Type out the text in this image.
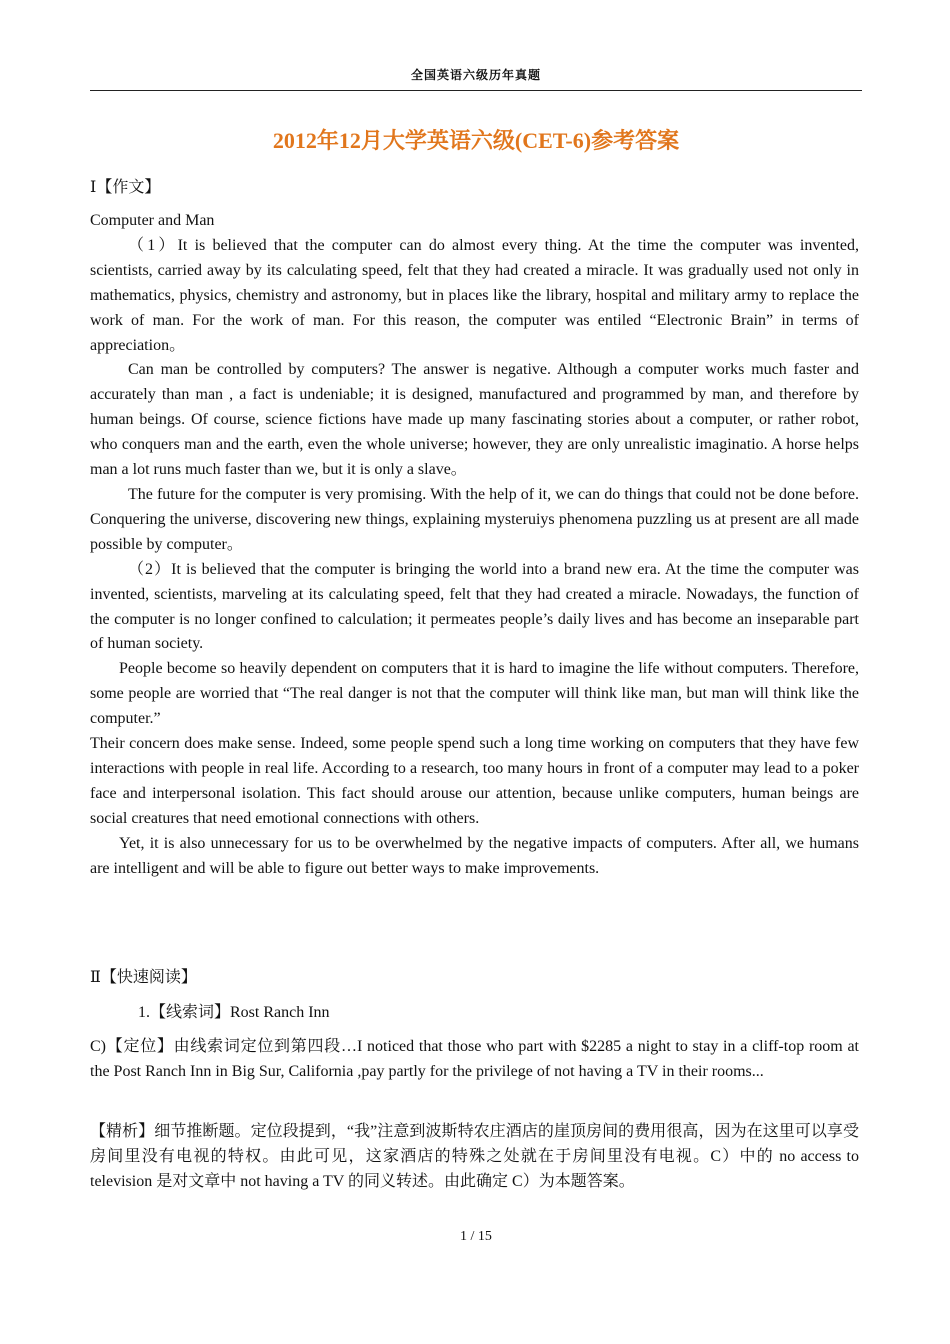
全国英语六级历年真题
2012年12月大学英语六级(CET-6)参考答案
Ⅰ【作文】

Computer and Man

（1）It is believed that the computer can do almost every thing. At the time the computer was invented, scientists, carried away by its calculating speed, felt that they had created a miracle. It was gradually used not only in mathematics, physics, chemistry and astronomy, but in places like the library, hospital and military army to replace the work of man. For the work of man. For this reason, the computer was entiled “Electronic Brain” in terms of appreciation。

Can man be controlled by computers? The answer is negative. Although a computer works much faster and accurately than man , a fact is undeniable; it is designed, manufactured and programmed by man, and therefore by human beings. Of course, science fictions have made up many fascinating stories about a computer, or rather robot, who conquers man and the earth, even the whole universe; however, they are only unrealistic imaginatio. A horse helps man a lot runs much faster than we, but it is only a slave。

The future for the computer is very promising. With the help of it, we can do things that could not be done before. Conquering the universe, discovering new things, explaining mysteruiys phenomena puzzling us at present are all made possible by computer。

（2）It is believed that the computer is bringing the world into a brand new era. At the time the computer was invented, scientists, marveling at its calculating speed, felt that they had created a miracle. Nowadays, the function of the computer is no longer confined to calculation; it permeates people’s daily lives and has become an inseparable part of human society.

People become so heavily dependent on computers that it is hard to imagine the life without computers. Therefore, some people are worried that “The real danger is not that the computer will think like man, but man will think like the computer.”

Their concern does make sense. Indeed, some people spend such a long time working on computers that they have few interactions with people in real life. According to a research, too many hours in front of a computer may lead to a poker face and interpersonal isolation. This fact should arouse our attention, because unlike computers, human beings are social creatures that need emotional connections with others.

Yet, it is also unnecessary for us to be overwhelmed by the negative impacts of computers. After all, we humans are intelligent and will be able to figure out better ways to make improvements.

Ⅱ【快速阅读】
1.【线索词】Rost Ranch Inn

C)【定位】由线索词定位到第四段…I noticed that those who part with $2285 a night to stay in a cliff-top room at the Post Ranch Inn in Big Sur, California ,pay partly for the privilege of not having a TV in their rooms...

【精析】细节推断题。定位段提到，“我”注意到波斯特农庄酒店的崖顶房间的费用很高，因为在这里可以享受房间里没有电视的特权。由此可见，这家酒店的特殊之处就在于房间里没有电视。C）中的 no access to television 是对文章中 not having a TV 的同义转述。由此确定 C）为本题答案。

1 / 15
